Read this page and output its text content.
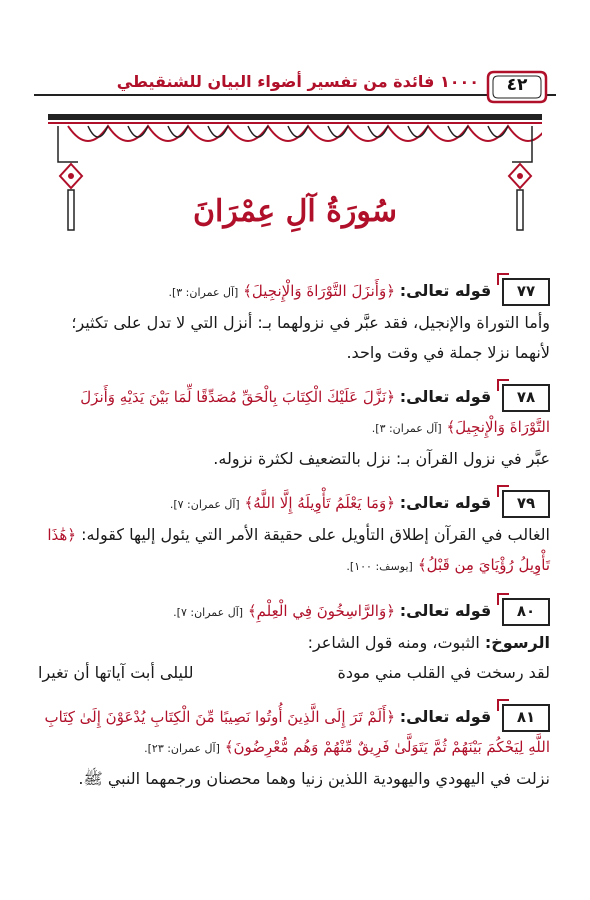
١٠٠٠ فائدة من تفسير أضواء البيان للشنقيطي	٤٢
سُورَةُ آلِ عِمْرَانَ
٧٧ قوله تعالى: ﴿وَأَنزَلَ التَّوْرَاةَ وَالْإِنجِيلَ﴾ [آل عمران: ٣].
وأما التوراة والإنجيل، فقد عبَّر في نزولهما بـ: أنزل التي لا تدل على تكثير؛ لأنهما نزلا جملة في وقت واحد.
٧٨ قوله تعالى: ﴿نَزَّلَ عَلَيْكَ الْكِتَابَ بِالْحَقِّ مُصَدِّقًا لِّمَا بَيْنَ يَدَيْهِ وَأَنزَلَ التَّوْرَاةَ وَالْإِنجِيلَ﴾ [آل عمران: ٣].
عبَّر في نزول القرآن بـ: نزل بالتضعيف لكثرة نزوله.
٧٩ قوله تعالى: ﴿وَمَا يَعْلَمُ تَأْوِيلَهُ إِلَّا اللَّهُ﴾ [آل عمران: ٧].
الغالب في القرآن إطلاق التأويل على حقيقة الأمر التي يئول إليها كقوله: ﴿هَٰذَا تَأْوِيلُ رُؤْيَايَ مِن قَبْلُ﴾ [يوسف: ١٠٠].
٨٠ قوله تعالى: ﴿وَالرَّاسِخُونَ فِي الْعِلْمِ﴾ [آل عمران: ٧].
الرسوخ: الثبوت، ومنه قول الشاعر:
لقد رسخت في القلب مني مودة
لليلى أبت آياتها أن تغيرا
٨١ قوله تعالى: ﴿أَلَمْ تَرَ إِلَى الَّذِينَ أُوتُوا نَصِيبًا مِّنَ الْكِتَابِ يُدْعَوْنَ إِلَىٰ كِتَابِ اللَّهِ لِيَحْكُمَ بَيْنَهُمْ ثُمَّ يَتَوَلَّىٰ فَرِيقٌ مِّنْهُمْ وَهُم مُّعْرِضُونَ﴾ [آل عمران: ٢٣].
نزلت في اليهودي واليهودية اللذين زنيا وهما محصنان ورجمهما النبي ﷺ.
